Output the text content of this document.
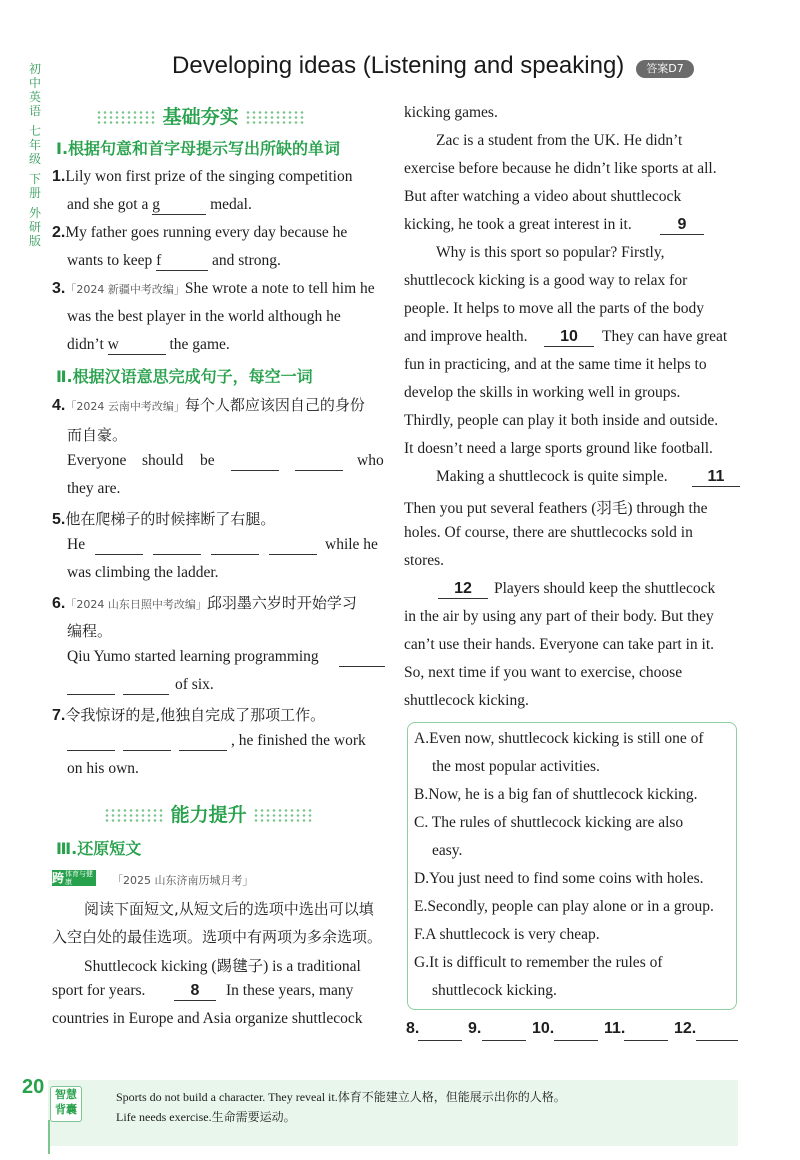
初中英语
七年级
下册
外研版
Developing ideas (Listening and speaking)	答案D7
基础夯实
Ⅰ.根据句意和首字母提示写出所缺的单词
1.Lily won first prize of the singing competition
and she got a g	medal.
2.My father goes running every day because he
wants to keep f	and strong.
3.「2024 新疆中考改编」She wrote a note to tell him he
was the best player in the world although he
didn’t w	the game.
Ⅱ.根据汉语意思完成句子，每空一词
4.「2024 云南中考改编」每个人都应该因自己的身份
而自豪。
Everyone should be	who
they are.
5.他在爬梯子的时候摔断了右腿。
He	while he
was climbing the ladder.
6.「2024 山东日照中考改编」邱羽墨六岁时开始学习
编程。
Qiu Yumo started learning programming
of six.
7.令我惊讶的是,他独自完成了那项工作。
, he finished the work
on his own.
能力提升
Ⅲ.还原短文
跨体育与健康	「2025 山东济南历城月考」
阅读下面短文,从短文后的选项中选出可以填
入空白处的最佳选项。选项中有两项为多余选项。
Shuttlecock kicking (踢毽子) is a traditional
sport for years.	8	In these years, many
countries in Europe and Asia organize shuttlecock
kicking games.
Zac is a student from the UK. He didn’t
exercise before because he didn’t like sports at all.
But after watching a video about shuttlecock
kicking, he took a great interest in it.	9
Why is this sport so popular? Firstly,
shuttlecock kicking is a good way to relax for
people. It helps to move all the parts of the body
and improve health.	10	They can have great
fun in practicing, and at the same time it helps to
develop the skills in working well in groups.
Thirdly, people can play it both inside and outside.
It doesn’t need a large sports ground like football.
Making a shuttlecock is quite simple.	11
Then you put several feathers (羽毛) through the
holes. Of course, there are shuttlecocks sold in
stores.
12	Players should keep the shuttlecock
in the air by using any part of their body. But they
can’t use their hands. Everyone can take part in it.
So, next time if you want to exercise, choose
shuttlecock kicking.
A.Even now, shuttlecock kicking is still one of
the most popular activities.
B.Now, he is a big fan of shuttlecock kicking.
C. The rules of shuttlecock kicking are also
easy.
D.You just need to find some coins with holes.
E.Secondly, people can play alone or in a group.
F.A shuttlecock is very cheap.
G.It is difficult to remember the rules of
shuttlecock kicking.
8.	9.	10.	11.	12.
20 智慧背囊
Sports do not build a character. They reveal it.体育不能建立人格，但能展示出你的人格。
Life needs exercise.生命需要运动。
